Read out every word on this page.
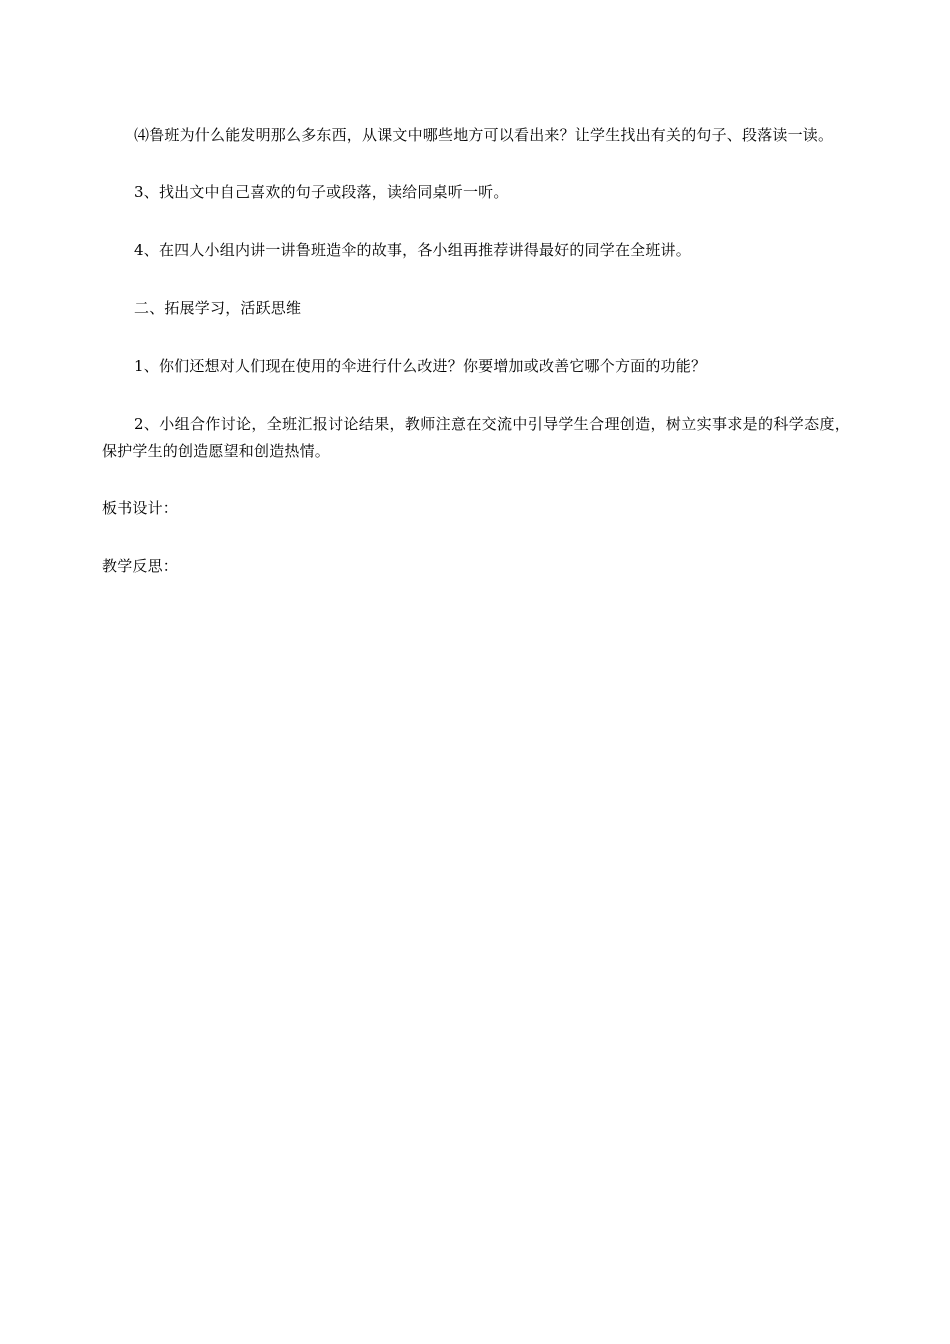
⑷鲁班为什么能发明那么多东西，从课文中哪些地方可以看出来？让学生找出有关的句子、段落读一读。

3、找出文中自己喜欢的句子或段落，读给同桌听一听。

4、在四人小组内讲一讲鲁班造伞的故事，各小组再推荐讲得最好的同学在全班讲。

二、拓展学习，活跃思维

1、你们还想对人们现在使用的伞进行什么改进？你要增加或改善它哪个方面的功能？

2、小组合作讨论，全班汇报讨论结果，教师注意在交流中引导学生合理创造，树立实事求是的科学态度，保护学生的创造愿望和创造热情。

板书设计：

教学反思：
